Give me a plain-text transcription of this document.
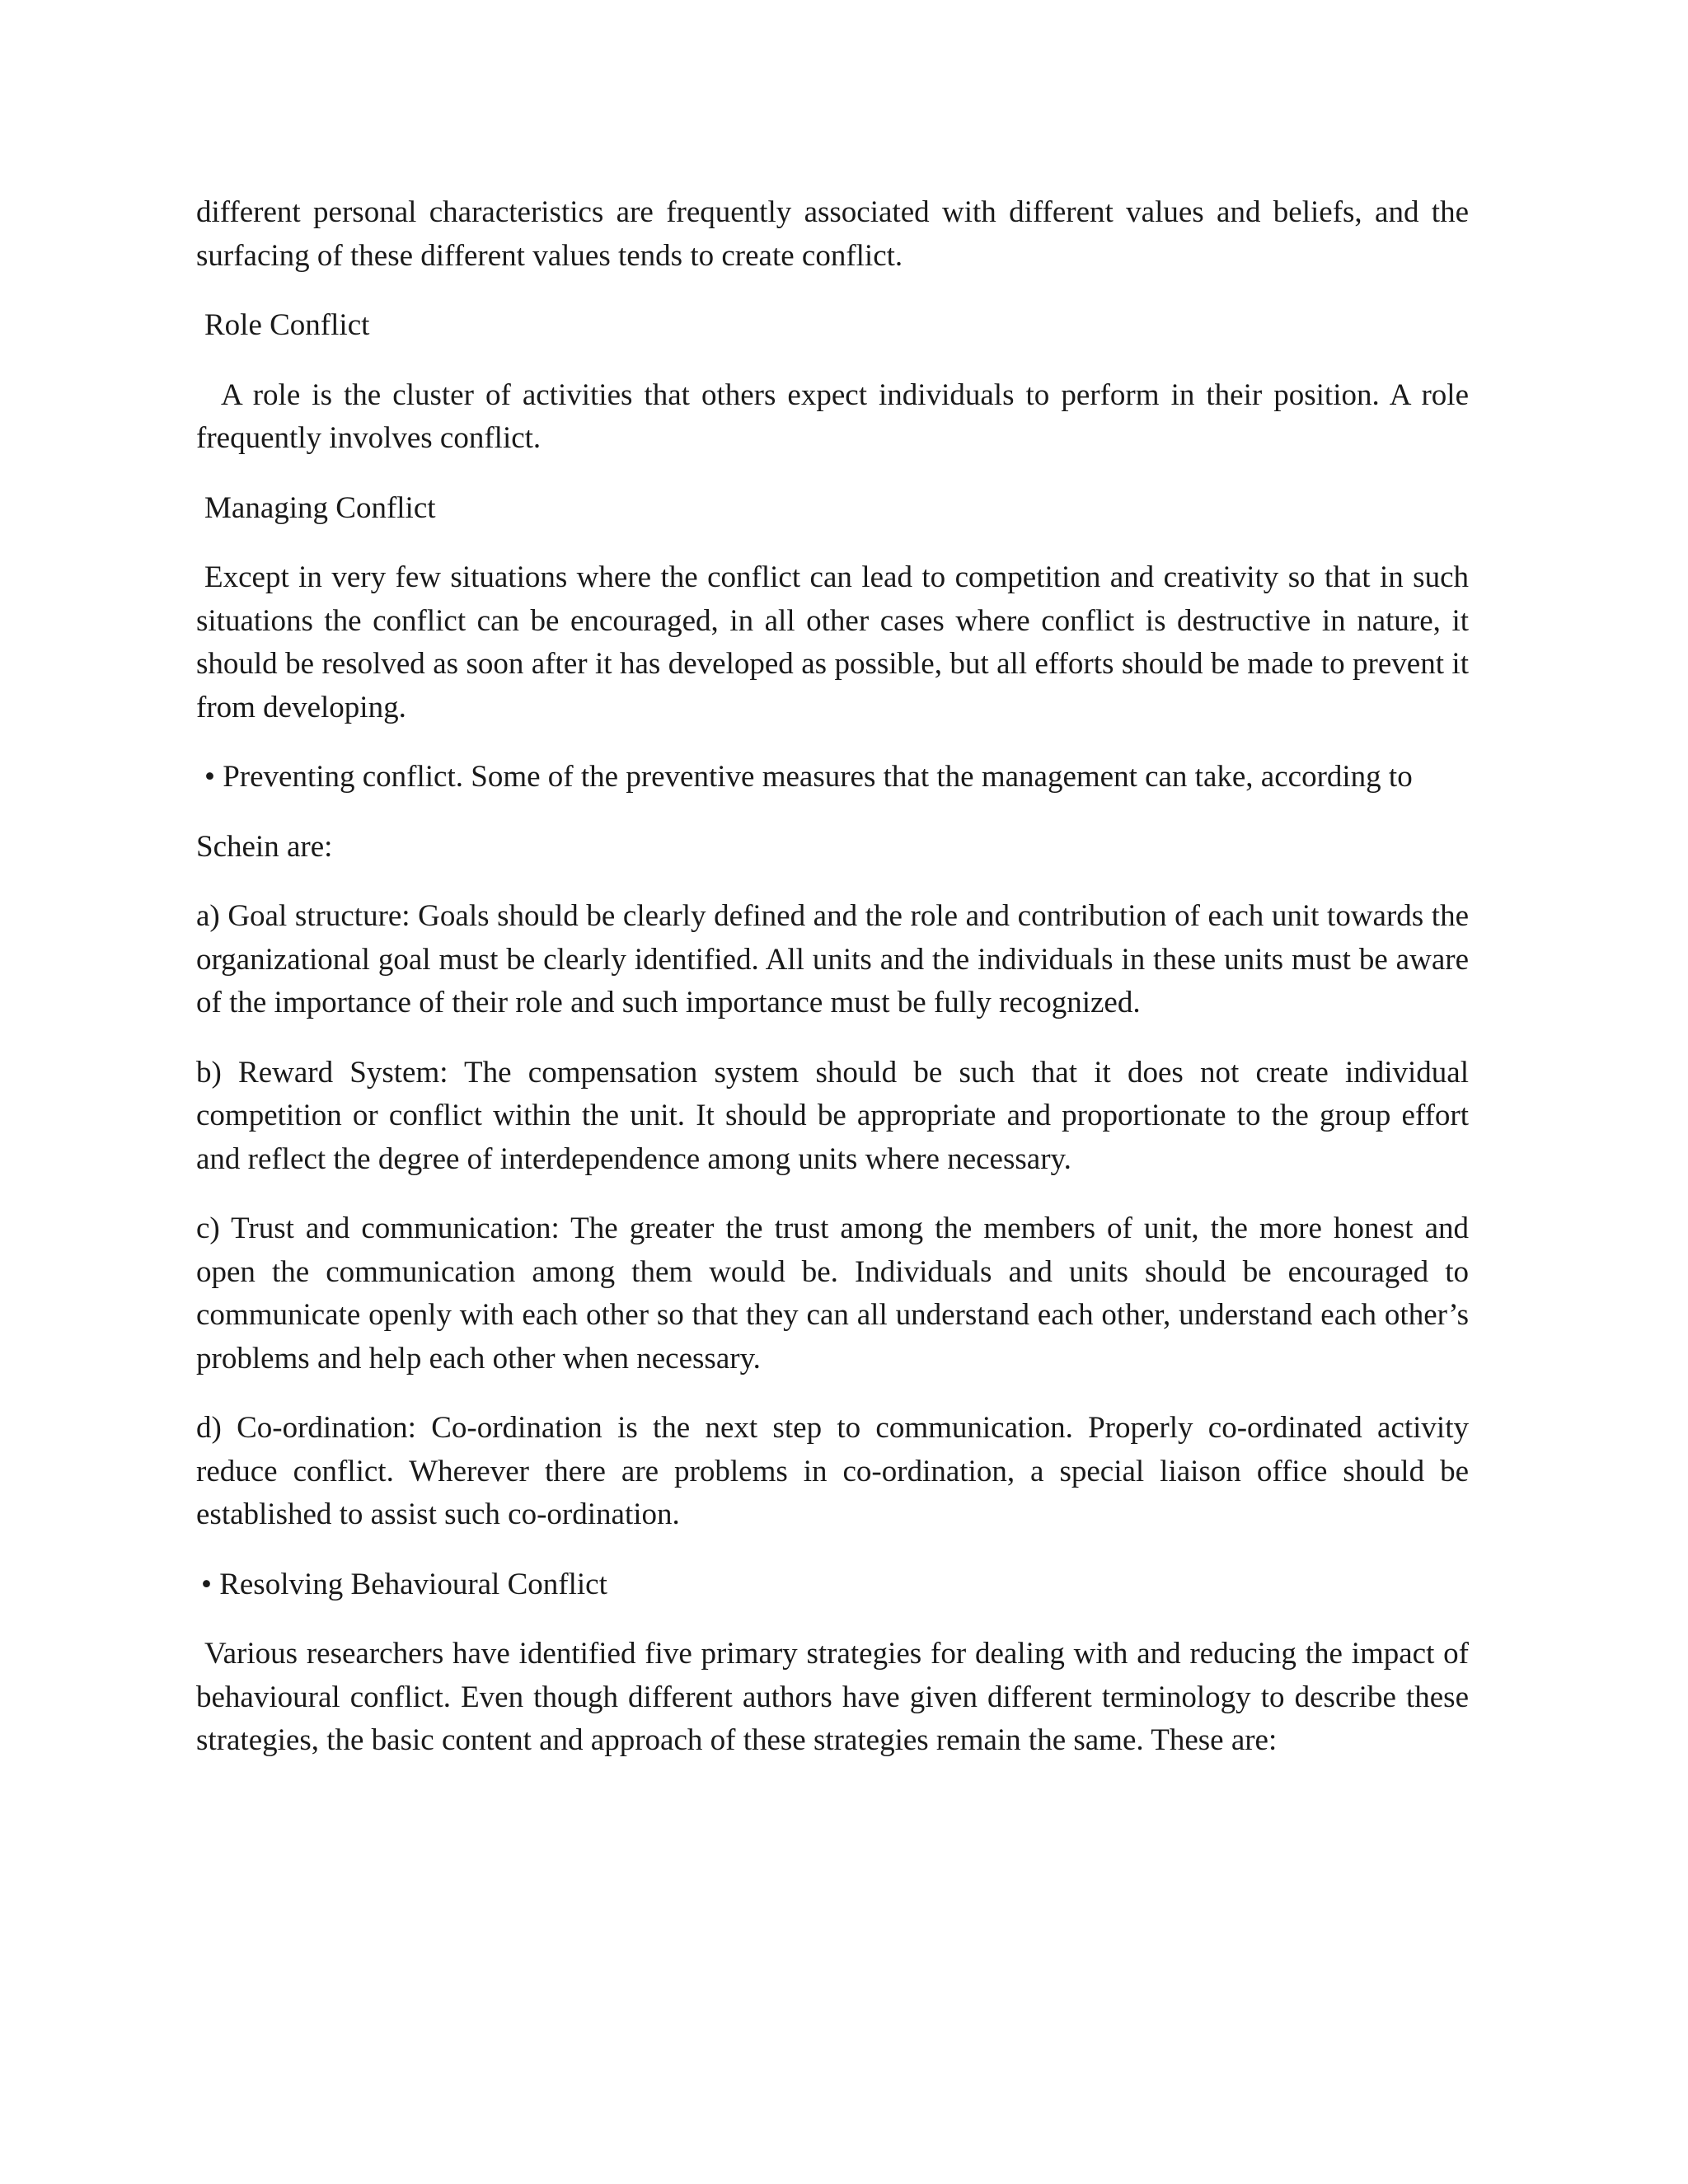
different personal characteristics are frequently associated with different values and beliefs, and the surfacing of these different values tends to create conflict.

Role Conflict

A role is the cluster of activities that others expect individuals to perform in their position. A role frequently involves conflict.

Managing Conflict

Except in very few situations where the conflict can lead to competition and creativity so that in such situations the conflict can be encouraged, in all other cases where conflict is destructive in nature, it should be resolved as soon after it has developed as possible, but all efforts should be made to prevent it from developing.

• Preventing conflict. Some of the preventive measures that the management can take, according to

Schein are:

a) Goal structure: Goals should be clearly defined and the role and contribution of each unit towards the organizational goal must be clearly identified. All units and the individuals in these units must be aware of the importance of their role and such importance must be fully recognized.

b) Reward System: The compensation system should be such that it does not create individual competition or conflict within the unit. It should be appropriate and proportionate to the group effort and reflect the degree of interdependence among units where necessary.

c) Trust and communication: The greater the trust among the members of unit, the more honest and open the communication among them would be. Individuals and units should be encouraged to communicate openly with each other so that they can all understand each other, understand each other’s problems and help each other when necessary.

d) Co-ordination: Co-ordination is the next step to communication. Properly co-ordinated activity reduce conflict. Wherever there are problems in co-ordination, a special liaison office should be established to assist such co-ordination.

• Resolving Behavioural Conflict

Various researchers have identified five primary strategies for dealing with and reducing the impact of behavioural conflict. Even though different authors have given different terminology to describe these strategies, the basic content and approach of these strategies remain the same. These are:
